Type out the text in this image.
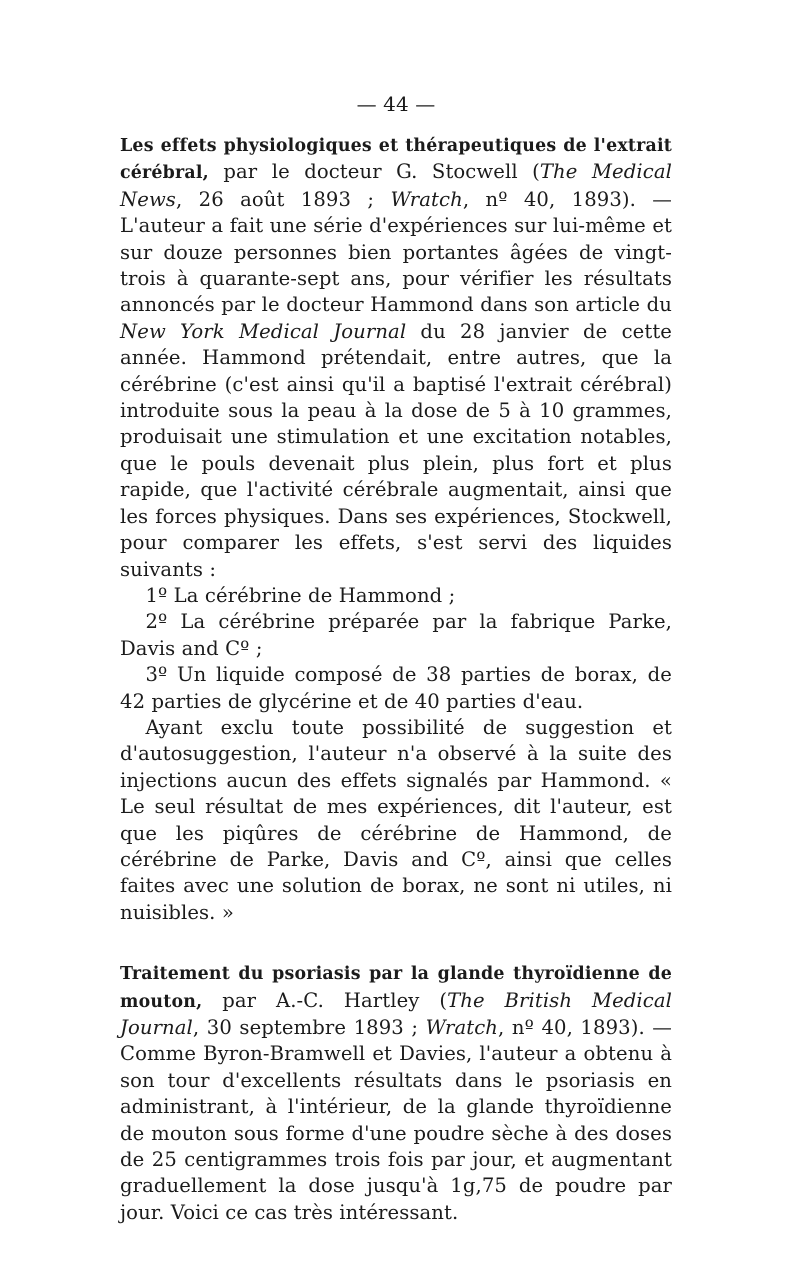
— 44 —

Les effets physiologiques et thérapeutiques de l'extrait cérébral, par le docteur G. Stocwell (The Medical News, 26 août 1893 ; Wratch, nº 40, 1893). — L'auteur a fait une série d'expériences sur lui-même et sur douze personnes bien portantes âgées de vingt-trois à quarante-sept ans, pour vérifier les résultats annoncés par le docteur Hammond dans son article du New York Medical Journal du 28 janvier de cette année. Hammond prétendait, entre autres, que la cérébrine (c'est ainsi qu'il a baptisé l'extrait cérébral) introduite sous la peau à la dose de 5 à 10 grammes, produisait une stimulation et une excitation notables, que le pouls devenait plus plein, plus fort et plus rapide, que l'activité cérébrale augmentait, ainsi que les forces physiques. Dans ses expériences, Stockwell, pour comparer les effets, s'est servi des liquides suivants :

1º La cérébrine de Hammond ;

2º La cérébrine préparée par la fabrique Parke, Davis and Cº ;

3º Un liquide composé de 38 parties de borax, de 42 parties de glycérine et de 40 parties d'eau.

Ayant exclu toute possibilité de suggestion et d'autosuggestion, l'auteur n'a observé à la suite des injections aucun des effets signalés par Hammond. « Le seul résultat de mes expériences, dit l'auteur, est que les piqûres de cérébrine de Hammond, de cérébrine de Parke, Davis and Cº, ainsi que celles faites avec une solution de borax, ne sont ni utiles, ni nuisibles. »

Traitement du psoriasis par la glande thyroïdienne de mouton, par A.-C. Hartley (The British Medical Journal, 30 septembre 1893 ; Wratch, nº 40, 1893). — Comme Byron-Bramwell et Davies, l'auteur a obtenu à son tour d'excellents résultats dans le psoriasis en administrant, à l'intérieur, de la glande thyroïdienne de mouton sous forme d'une poudre sèche à des doses de 25 centigrammes trois fois par jour, et augmentant graduellement la dose jusqu'à 1g,75 de poudre par jour. Voici ce cas très intéressant.
